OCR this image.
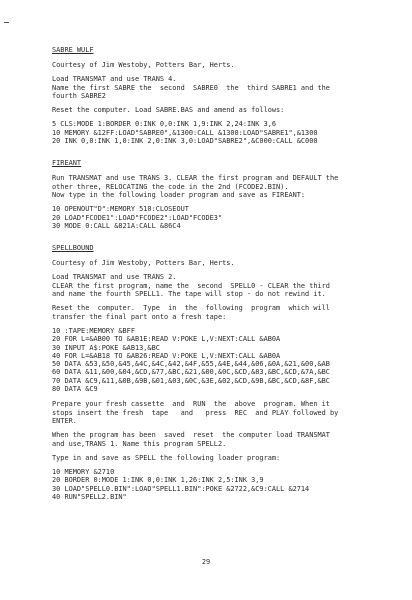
SABRE WULF
Courtesy of Jim Westoby, Potters Bar, Herts.
Load TRANSMAT and use TRANS 4.
Name the first SABRE the  second  SABRE0  the  third SABRE1 and the
fourth SABRE2
Reset the computer. Load SABRE.BAS and amend as follows:
5 CLS:MODE 1:BORDER 0:INK 0,0:INK 1,9:INK 2,24:INK 3,6
10 MEMORY &12FF:LOAD"SABRE0",&1300:CALL &1300:LOAD"SABRE1",&1300
20 INK 0,0:INK 1,0:INK 2,0:INK 3,0:LOAD"SABRE2",&C000:CALL &C000
FIREANT
Run TRANSMAT and use TRANS 3. CLEAR the first program and DEFAULT the
other three, RELOCATING the code in the 2nd (FCODE2.BIN).
Now type in the following loader program and save as FIREANT:
10 OPENOUT"D":MEMORY 510:CLOSEOUT
20 LOAD"FCODE1":LOAD"FCODE2":LOAD"FCODE3"
30 MODE 0:CALL &821A:CALL &86C4
SPELLBOUND
Courtesy of Jim Westoby, Potters Bar, Herts.
Load TRANSMAT and use TRANS 2.
CLEAR the first program, name the  second  SPELL0 - CLEAR the third
and name the fourth SPELL1. The tape will stop - do not rewind it.
Reset the  computer.  Type  in  the  following  program  which will
transfer the final part onto a fresh tape:
10 :TAPE:MEMORY &BFF
20 FOR L=&AB00 TO &AB1E:READ V:POKE L,V:NEXT:CALL &AB0A
30 INPUT A$:POKE &AB13,&BC
40 FOR L=&AB18 TO &AB26:READ V:POKE L,V:NEXT:CALL &AB0A
50 DATA &53,&50,&45,&4C,&4C,&42,&4F,&55,&4E,&44,&06,&0A,&21,&00,&AB
60 DATA &11,&00,&04,&CD,&77,&BC,&21,&00,&0C,&CD,&83,&BC,&CD,&7A,&BC
70 DATA &C9,&11,&0B,&9B,&01,&03,&0C,&3E,&02,&CD,&9B,&BC,&CD,&8F,&BC
80 DATA &C9
Prepare your fresh cassette  and  RUN  the  above  program. When it
stops insert the fresh  tape   and   press  REC  and PLAY followed by
ENTER.
When the program has been  saved  reset  the computer load TRANSMAT
and use,TRANS 1. Name this program SPELL2.
Type in and save as SPELL the following loader program:
10 MEMORY &2710
20 BORDER 0:MODE 1:INK 0,0:INK 1,26:INK 2,5:INK 3,9
30 LOAD"SPELL0.BIN":LOAD"SPELL1.BIN":POKE &2722,&C9:CALL &2714
40 RUN"SPELL2.BIN"
29
